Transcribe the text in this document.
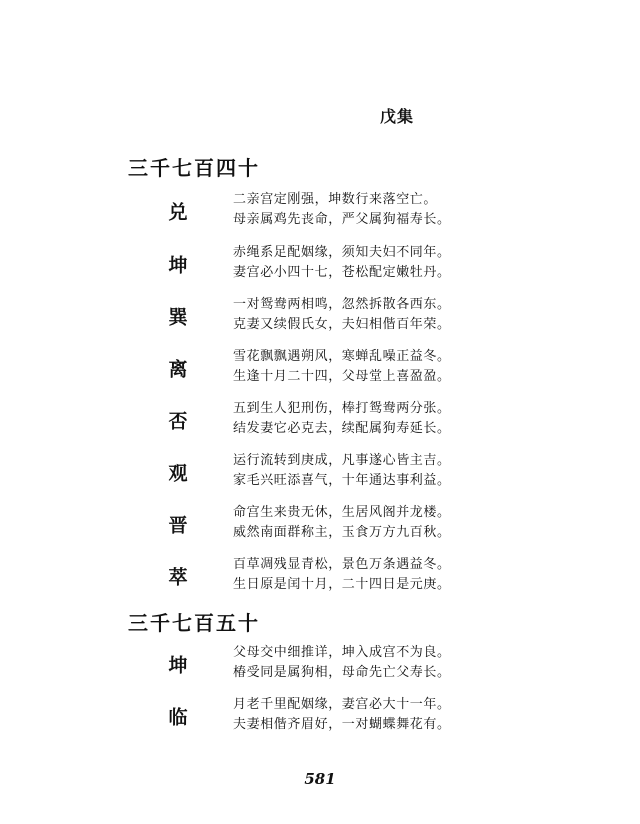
戊集
三千七百四十
兑
二亲宫定刚强，坤数行来落空亡。
母亲属鸡先丧命，严父属狗福寿长。
坤
赤绳系足配姻缘，须知夫妇不同年。
妻宫必小四十七，苍松配定嫩牡丹。
巽
一对鸳鸯两相鸣，忽然拆散各西东。
克妻又续假氏女，夫妇相偕百年荣。
离
雪花飘飘遇朔风，寒蝉乱噪正益冬。
生逢十月二十四，父母堂上喜盈盈。
否
五到生人犯刑伤，棒打鸳鸯两分张。
结发妻它必克去，续配属狗寿延长。
观
运行流转到庚成，凡事遂心皆主吉。
家毛兴旺添喜气，十年通达事利益。
晋
命宫生来贵无休，生居风阁并龙楼。
威然南面群称主，玉食万方九百秋。
萃
百草凋残显青松，景色万条遇益冬。
生日原是闰十月，二十四日是元庚。
三千七百五十
坤
父母交中细推详，坤入成宫不为良。
椿受同是属狗相，母命先亡父寿长。
临
月老千里配姻缘，妻宫必大十一年。
夫妻相偕齐眉好，一对蝴蝶舞花有。
581
